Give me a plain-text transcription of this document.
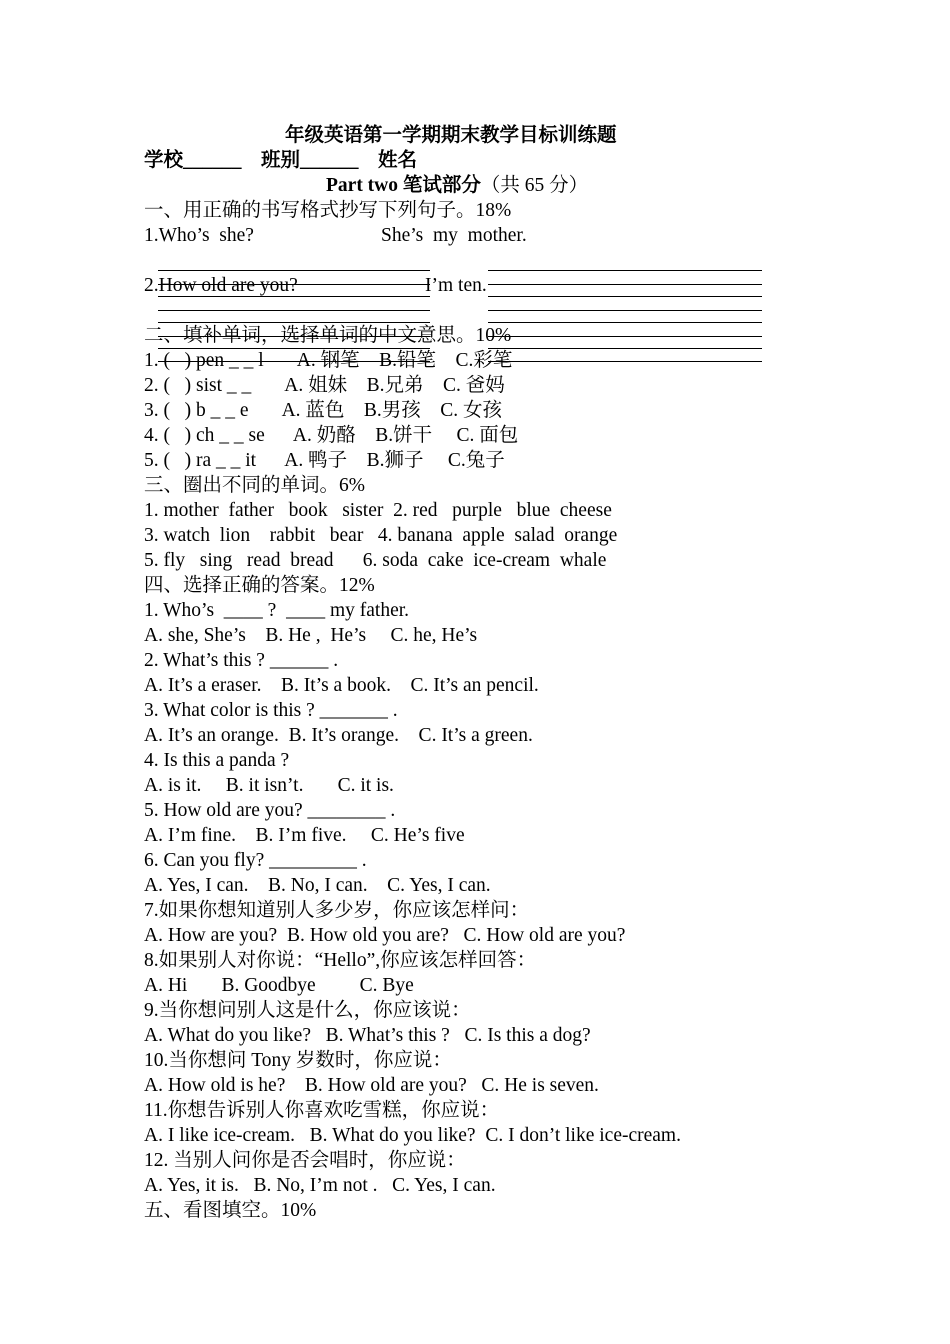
年级英语第一学期期末教学目标训练题
学校______    班别______    姓名
Part two 笔试部分（共 65 分）
一、用正确的书写格式抄写下列句子。18%
1.Who’s  she?	She’s  my  mother.
2.How old are you?	I’m ten.
二、填补单词，选择单词的中文意思。10%
1. (   ) pen _ _ l       A. 钢笔    B.铅笔    C.彩笔
2. (   ) sist _ _       A. 姐妹    B.兄弟    C. 爸妈
3. (   ) b _ _ e       A. 蓝色    B.男孩    C. 女孩
4. (   ) ch _ _ se      A. 奶酪    B.饼干     C. 面包
5. (   ) ra _ _ it      A. 鸭子    B.狮子     C.兔子
三、圈出不同的单词。6%
1. mother  father   book   sister  2. red   purple   blue  cheese
3. watch  lion    rabbit   bear   4. banana  apple  salad  orange
5. fly   sing   read  bread      6. soda  cake  ice-cream  whale
四、选择正确的答案。12%
1. Who’s  ____ ?  ____ my father.
A. she, She’s    B. He ,  He’s     C. he, He’s
2. What’s this ? ______ .
A. It’s a eraser.    B. It’s a book.    C. It’s an pencil.
3. What color is this ? _______ .
A. It’s an orange.  B. It’s orange.    C. It’s a green.
4. Is this a panda ?
A. is it.     B. it isn’t.       C. it is.
5. How old are you? ________ .
A. I’m fine.    B. I’m five.     C. He’s five
6. Can you fly? _________ .
A. Yes, I can.    B. No, I can.    C. Yes, I can.
7.如果你想知道别人多少岁，你应该怎样问：
A. How are you?  B. How old you are?   C. How old are you?
8.如果别人对你说：“Hello”,你应该怎样回答：
A. Hi       B. Goodbye         C. Bye
9.当你想问别人这是什么，你应该说：
A. What do you like?   B. What’s this ?   C. Is this a dog?
10.当你想问 Tony 岁数时，你应说：
A. How old is he?    B. How old are you?   C. He is seven.
11.你想告诉别人你喜欢吃雪糕，你应说：
A. I like ice-cream.   B. What do you like?  C. I don’t like ice-cream.
12. 当别人问你是否会唱时，你应说：
A. Yes, it is.   B. No, I’m not .   C. Yes, I can.
五、看图填空。10%
